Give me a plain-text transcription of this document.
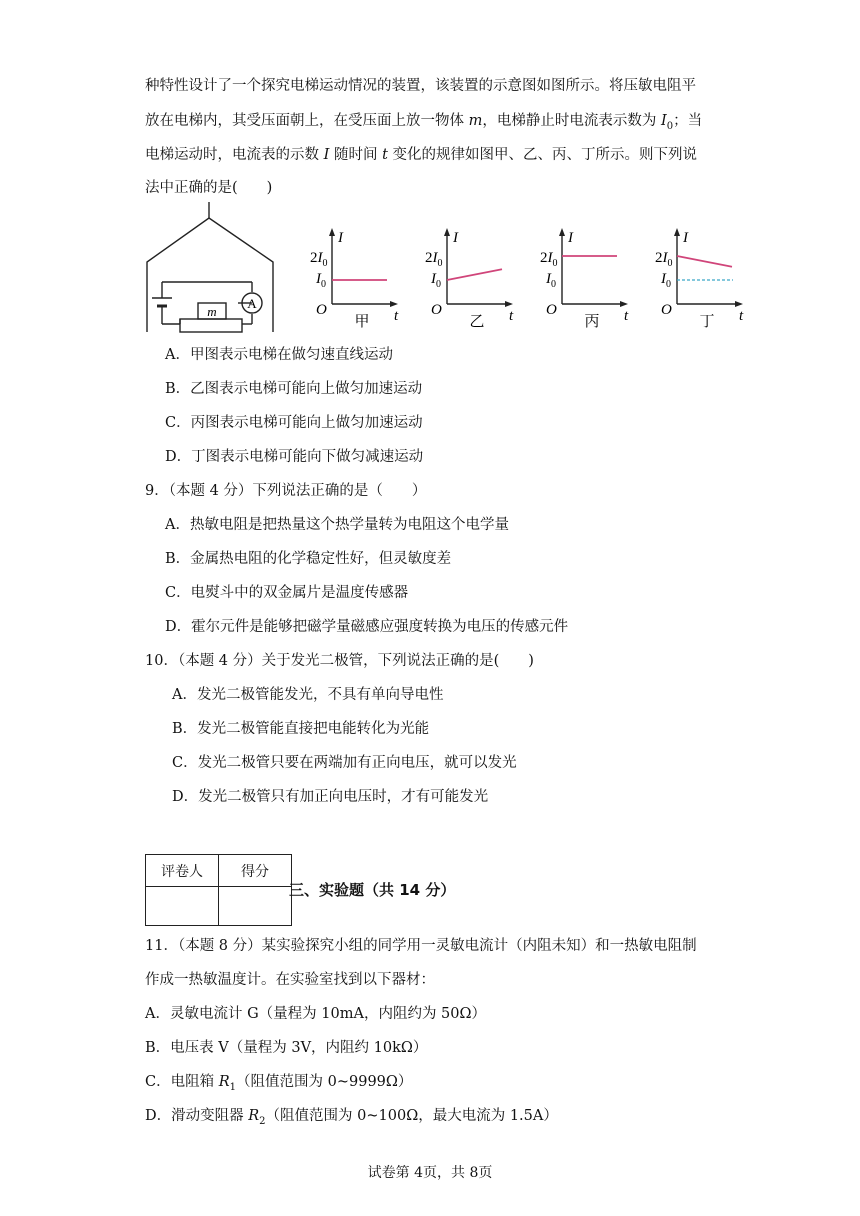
种特性设计了一个探究电梯运动情况的装置，该装置的示意图如图所示。将压敏电阻平
放在电梯内，其受压面朝上，在受压面上放一物体 m，电梯静止时电流表示数为 $I_0$；当
电梯运动时，电流表的示数 I 随时间 t 变化的规律如图甲、乙、丙、丁所示。则下列说
法中正确的是(　　)
m
A
I
t
O
$2I_0$
$I_0$
甲
I
t
O
$2I_0$
$I_0$
乙
I
t
O
$2I_0$
$I_0$
丙
I
t
O
$2I_0$
$I_0$
丁
A．甲图表示电梯在做匀速直线运动
B．乙图表示电梯可能向上做匀加速运动
C．丙图表示电梯可能向上做匀加速运动
D．丁图表示电梯可能向下做匀减速运动
9．（本题 4 分）下列说法正确的是（　　）
A．热敏电阻是把热量这个热学量转为电阻这个电学量
B．金属热电阻的化学稳定性好，但灵敏度差
C．电熨斗中的双金属片是温度传感器
D．霍尔元件是能够把磁学量磁感应强度转换为电压的传感元件
10．（本题 4 分）关于发光二极管，下列说法正确的是(　　)
A．发光二极管能发光，不具有单向导电性
B．发光二极管能直接把电能转化为光能
C．发光二极管只要在两端加有正向电压，就可以发光
D．发光二极管只有加正向电压时，才有可能发光
评卷人	得分

三、实验题（共 14 分）
11．（本题 8 分）某实验探究小组的同学用一灵敏电流计（内阻未知）和一热敏电阻制
作成一热敏温度计。在实验室找到以下器材：
A．灵敏电流计 G（量程为 10mA，内阻约为 50Ω）
B．电压表 V（量程为 3V，内阻约 10kΩ）
C．电阻箱 $R_1$（阻值范围为 0~9999Ω）
D．滑动变阻器 $R_2$（阻值范围为 0~100Ω，最大电流为 1.5A）
试卷第 4页，共 8页
